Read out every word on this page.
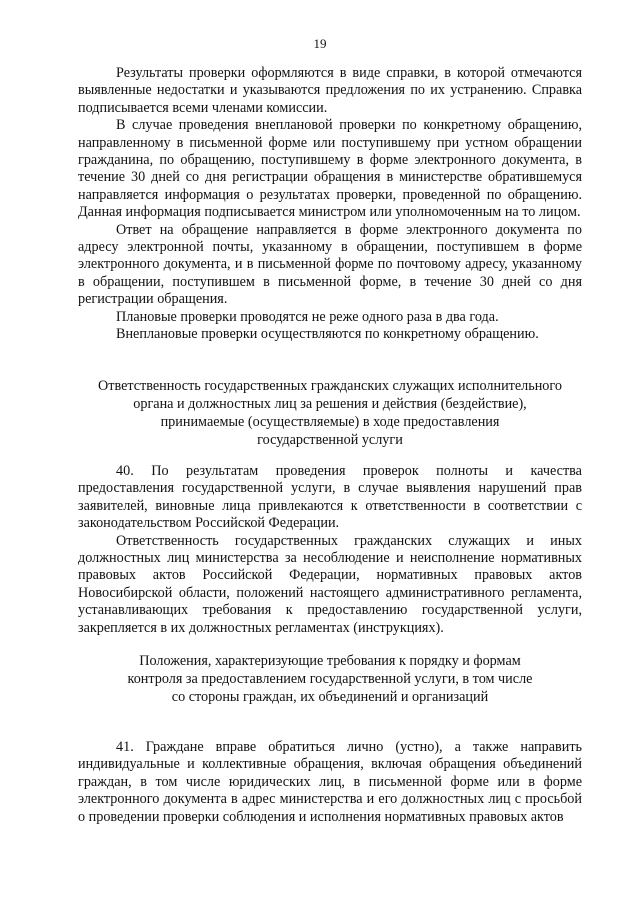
19

Результаты проверки оформляются в виде справки, в которой отмечаются выявленные недостатки и указываются предложения по их устранению. Справка подписывается всеми членами комиссии.

В случае проведения внеплановой проверки по конкретному обращению, направленному в письменной форме или поступившему при устном обращении гражданина, по обращению, поступившему в форме электронного документа, в течение 30 дней со дня регистрации обращения в министерстве обратившемуся направляется информация о результатах проверки, проведенной по обращению. Данная информация подписывается министром или уполномоченным на то лицом.

Ответ на обращение направляется в форме электронного документа по адресу электронной почты, указанному в обращении, поступившем в форме электронного документа, и в письменной форме по почтовому адресу, указанному в обращении, поступившем в письменной форме, в течение 30 дней со дня регистрации обращения.

Плановые проверки проводятся не реже одного раза в два года.

Внеплановые проверки осуществляются по конкретному обращению.

Ответственность государственных гражданских служащих исполнительного

органа и должностных лиц за решения и действия (бездействие),

принимаемые (осуществляемые) в ходе предоставления

государственной услуги

40. По результатам проведения проверок полноты и качества предоставления государственной услуги, в случае выявления нарушений прав заявителей, виновные лица привлекаются к ответственности в соответствии с законодательством Российской Федерации.

Ответственность государственных гражданских служащих и иных должностных лиц министерства за несоблюдение и неисполнение нормативных правовых актов Российской Федерации, нормативных правовых актов Новосибирской области, положений настоящего административного регламента, устанавливающих требования к предоставлению государственной услуги, закрепляется в их должностных регламентах (инструкциях).

Положения, характеризующие требования к порядку и формам

контроля за предоставлением государственной услуги, в том числе

со стороны граждан, их объединений и организаций

41. Граждане вправе обратиться лично (устно), а также направить индивидуальные и коллективные обращения, включая обращения объединений граждан, в том числе юридических лиц, в письменной форме или в форме электронного документа в адрес министерства и его должностных лиц с просьбой о проведении проверки соблюдения и исполнения нормативных правовых актов
